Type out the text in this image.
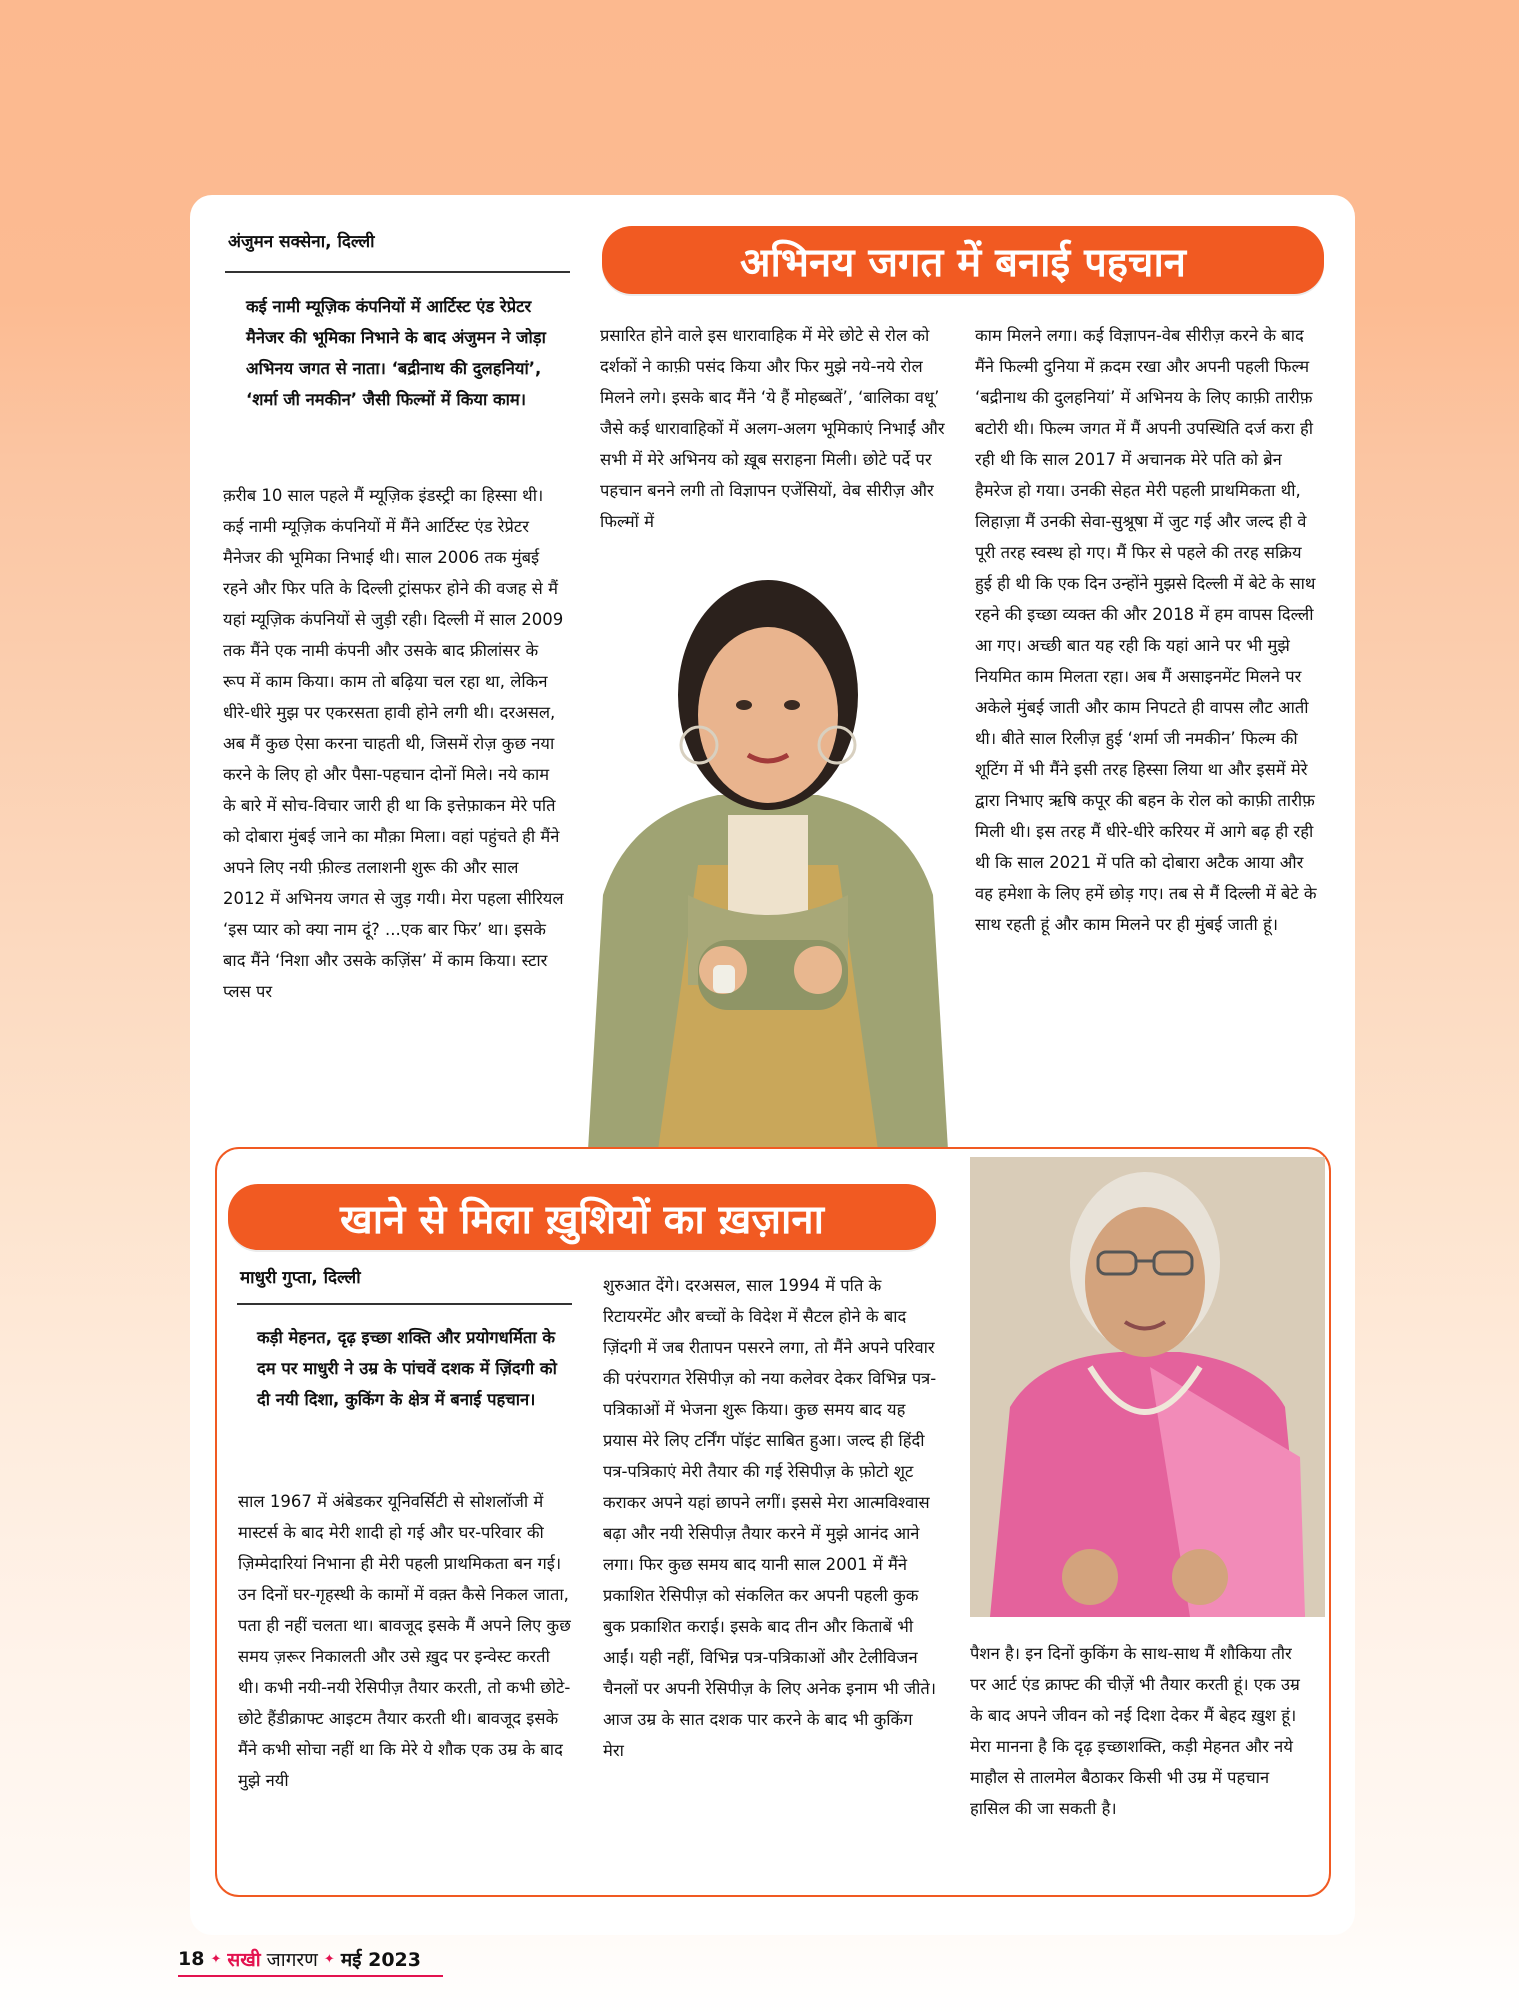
अभिनय जगत में बनाई पहचान
अंजुमन सक्सेना, दिल्ली

कई नामी म्यूज़िक कंपनियों में आर्टिस्ट एंड रेप्रेटर मैनेजर की भूमिका निभाने के बाद अंजुमन ने जोड़ा अभिनय जगत से नाता। ‘बद्रीनाथ की दुलहनियां’, ‘शर्मा जी नमकीन’ जैसी फिल्मों में किया काम।

क़रीब 10 साल पहले मैं म्यूज़िक इंडस्ट्री का हिस्सा थी। कई नामी म्यूज़िक कंपनियों में मैंने आर्टिस्ट एंड रेप्रेटर मैनेजर की भूमिका निभाई थी। साल 2006 तक मुंबई रहने और फिर पति के दिल्ली ट्रांसफर होने की वजह से मैं यहां म्यूज़िक कंपनियों से जुड़ी रही। दिल्ली में साल 2009 तक मैंने एक नामी कंपनी और उसके बाद फ्रीलांसर के रूप में काम किया। काम तो बढ़िया चल रहा था, लेकिन धीरे-धीरे मुझ पर एकरसता हावी होने लगी थी। दरअसल, अब मैं कुछ ऐसा करना चाहती थी, जिसमें रोज़ कुछ नया करने के लिए हो और पैसा-पहचान दोनों मिले। नये काम के बारे में सोच-विचार जारी ही था कि इत्तेफ़ाकन मेरे पति को दोबारा मुंबई जाने का मौक़ा मिला। वहां पहुंचते ही मैंने अपने लिए नयी फ़ील्ड तलाशनी शुरू की और साल 2012 में अभिनय जगत से जुड़ गयी। मेरा पहला सीरियल ‘इस प्यार को क्या नाम दूं? ...एक बार फिर’ था। इसके बाद मैंने ‘निशा और उसके कज़िंस’ में काम किया। स्टार प्लस पर

प्रसारित होने वाले इस धारावाहिक में मेरे छोटे से रोल को दर्शकों ने काफ़ी पसंद किया और फिर मुझे नये-नये रोल मिलने लगे। इसके बाद मैंने ‘ये हैं मोहब्बतें’, ‘बालिका वधू’ जैसे कई धारावाहिकों में अलग-अलग भूमिकाएं निभाईं और सभी में मेरे अभिनय को ख़ूब सराहना मिली। छोटे पर्दे पर पहचान बनने लगी तो विज्ञापन एजेंसियों, वेब सीरीज़ और फिल्मों में

काम मिलने लगा। कई विज्ञापन-वेब सीरीज़ करने के बाद मैंने फिल्मी दुनिया में क़दम रखा और अपनी पहली फिल्म ‘बद्रीनाथ की दुलहनियां’ में अभिनय के लिए काफ़ी तारीफ़ बटोरी थी। फिल्म जगत में मैं अपनी उपस्थिति दर्ज करा ही रही थी कि साल 2017 में अचानक मेरे पति को ब्रेन हैमरेज हो गया। उनकी सेहत मेरी पहली प्राथमिकता थी, लिहाज़ा मैं उनकी सेवा-सुश्रूषा में जुट गई और जल्द ही वे पूरी तरह स्वस्थ हो गए। मैं फिर से पहले की तरह सक्रिय हुई ही थी कि एक दिन उन्होंने मुझसे दिल्ली में बेटे के साथ रहने की इच्छा व्यक्त की और 2018 में हम वापस दिल्ली आ गए। अच्छी बात यह रही कि यहां आने पर भी मुझे नियमित काम मिलता रहा। अब मैं असाइनमेंट मिलने पर अकेले मुंबई जाती और काम निपटते ही वापस लौट आती थी। बीते साल रिलीज़ हुई ‘शर्मा जी नमकीन’ फिल्म की शूटिंग में भी मैंने इसी तरह हिस्सा लिया था और इसमें मेरे द्वारा निभाए ऋषि कपूर की बहन के रोल को काफ़ी तारीफ़ मिली थी। इस तरह मैं धीरे-धीरे करियर में आगे बढ़ ही रही थी कि साल 2021 में पति को दोबारा अटैक आया और वह हमेशा के लिए हमें छोड़ गए। तब से मैं दिल्ली में बेटे के साथ रहती हूं और काम मिलने पर ही मुंबई जाती हूं।

खाने से मिला ख़ुशियों का ख़ज़ाना
माधुरी गुप्ता, दिल्ली

कड़ी मेहनत, दृढ़ इच्छा शक्ति और प्रयोगधर्मिता के दम पर माधुरी ने उम्र के पांचवें दशक में ज़िंदगी को दी नयी दिशा, कुकिंग के क्षेत्र में बनाई पहचान।

साल 1967 में अंबेडकर यूनिवर्सिटी से सोशलॉजी में मास्टर्स के बाद मेरी शादी हो गई और घर-परिवार की ज़िम्मेदारियां निभाना ही मेरी पहली प्राथमिकता बन गई। उन दिनों घर-गृहस्थी के कामों में वक़्त कैसे निकल जाता, पता ही नहीं चलता था। बावजूद इसके मैं अपने लिए कुछ समय ज़रूर निकालती और उसे ख़ुद पर इन्वेस्ट करती थी। कभी नयी-नयी रेसिपीज़ तैयार करती, तो कभी छोटे-छोटे हैंडीक्राफ्ट आइटम तैयार करती थी। बावजूद इसके मैंने कभी सोचा नहीं था कि मेरे ये शौक एक उम्र के बाद मुझे नयी

शुरुआत देंगे। दरअसल, साल 1994 में पति के रिटायरमेंट और बच्चों के विदेश में सैटल होने के बाद ज़िंदगी में जब रीतापन पसरने लगा, तो मैंने अपने परिवार की परंपरागत रेसिपीज़ को नया कलेवर देकर विभिन्न पत्र-पत्रिकाओं में भेजना शुरू किया। कुछ समय बाद यह प्रयास मेरे लिए टर्निंग पॉइंट साबित हुआ। जल्द ही हिंदी पत्र-पत्रिकाएं मेरी तैयार की गई रेसिपीज़ के फ़ोटो शूट कराकर अपने यहां छापने लगीं। इससे मेरा आत्मविश्वास बढ़ा और नयी रेसिपीज़ तैयार करने में मुझे आनंद आने लगा। फिर कुछ समय बाद यानी साल 2001 में मैंने प्रकाशित रेसिपीज़ को संकलित कर अपनी पहली कुक बुक प्रकाशित कराई। इसके बाद तीन और किताबें भी आईं। यही नहीं, विभिन्न पत्र-पत्रिकाओं और टेलीविजन चैनलों पर अपनी रेसिपीज़ के लिए अनेक इनाम भी जीते। आज उम्र के सात दशक पार करने के बाद भी कुकिंग मेरा

पैशन है। इन दिनों कुकिंग के साथ-साथ मैं शौकिया तौर पर आर्ट एंड क्राफ्ट की चीज़ें भी तैयार करती हूं। एक उम्र के बाद अपने जीवन को नई दिशा देकर मैं बेहद ख़ुश हूं। मेरा मानना है कि दृढ़ इच्छाशक्ति, कड़ी मेहनत और नये माहौल से तालमेल बैठाकर किसी भी उम्र में पहचान हासिल की जा सकती है।

18 ✦ सखी जागरण ✦ मई 2023
